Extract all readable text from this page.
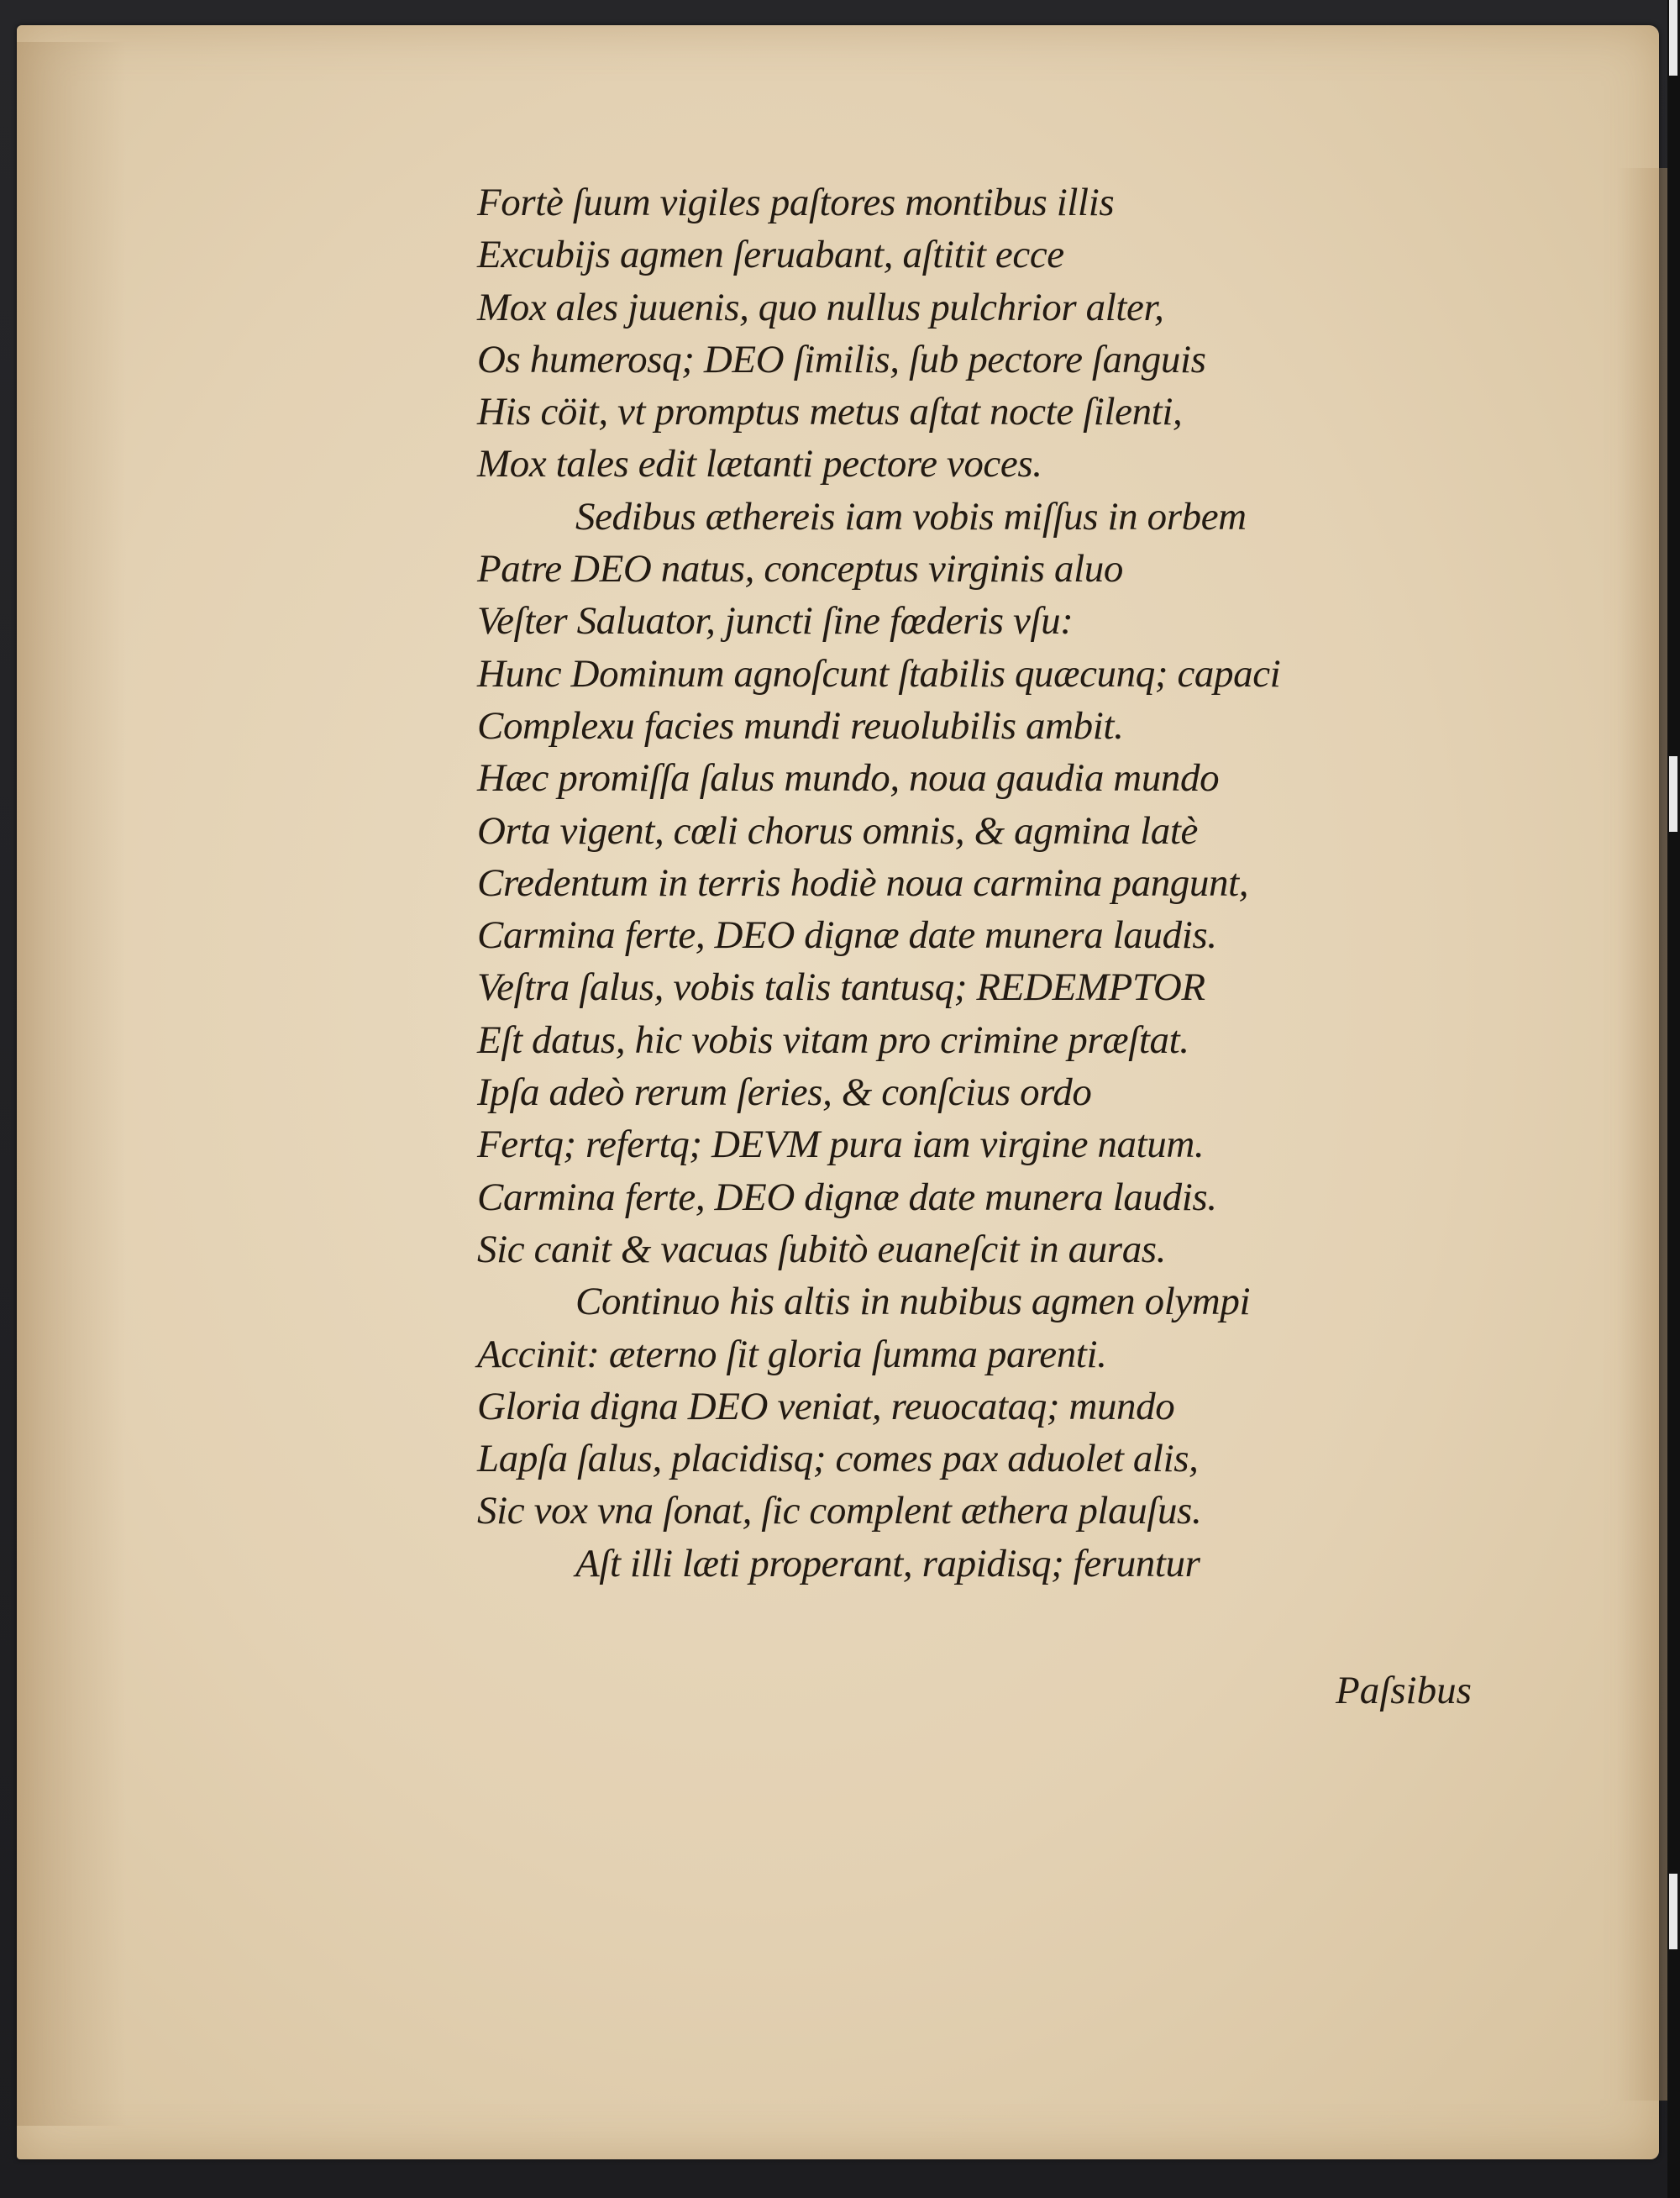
Fortè ſuum vigiles paſtores montibus illis
Excubijs agmen ſeruabant, aſtitit ecce
Mox ales juuenis, quo nullus pulchrior alter,
Os humerosq; DEO ſimilis, ſub pectore ſanguis
His cöit, vt promptus metus aſtat nocte ſilenti,
Mox tales edit lætanti pectore voces.
Sedibus æthereis iam vobis miſſus in orbem
Patre DEO natus, conceptus virginis aluo
Veſter Saluator, juncti ſine fœderis vſu:
Hunc Dominum agnoſcunt ſtabilis quæcunq; capaci
Complexu facies mundi reuolubilis ambit.
Hæc promiſſa ſalus mundo, noua gaudia mundo
Orta vigent, cœli chorus omnis, & agmina latè
Credentum in terris hodiè noua carmina pangunt,
Carmina ferte, DEO dignæ date munera laudis.
Veſtra ſalus, vobis talis tantusq; REDEMPTOR
Eſt datus, hic vobis vitam pro crimine præſtat.
Ipſa adeò rerum ſeries, & conſcius ordo
Fertq; refertq; DEVM pura iam virgine natum.
Carmina ferte, DEO dignæ date munera laudis.
Sic canit & vacuas ſubitò euaneſcit in auras.
Continuo his altis in nubibus agmen olympi
Accinit: æterno ſit gloria ſumma parenti.
Gloria digna DEO veniat, reuocataq; mundo
Lapſa ſalus, placidisq; comes pax aduolet alis,
Sic vox vna ſonat, ſic complent æthera plauſus.
Aſt illi læti properant, rapidisq; feruntur
Paſsibus
